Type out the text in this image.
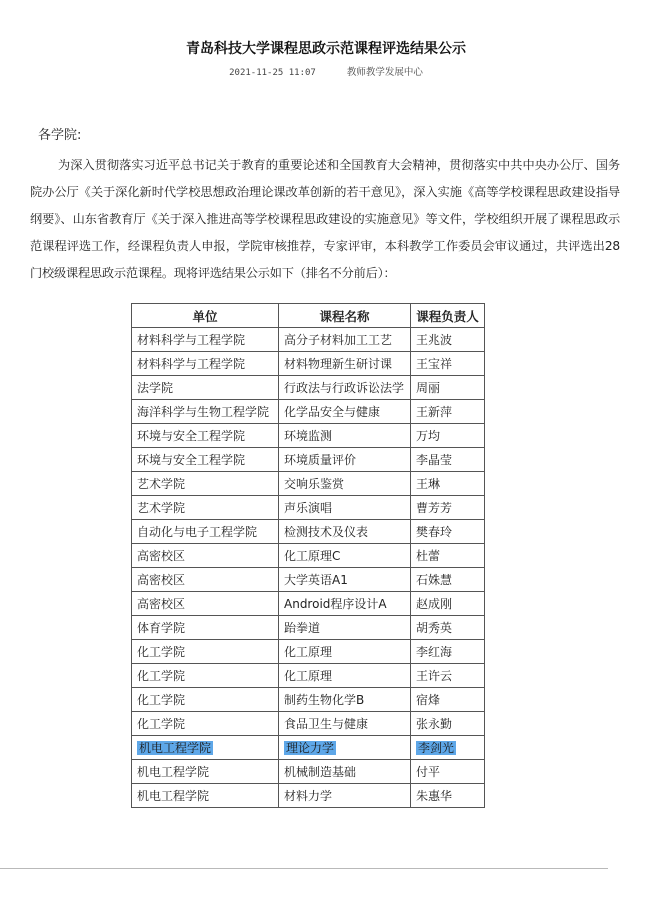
青岛科技大学课程思政示范课程评选结果公示
2021-11-25 11:07	教师教学发展中心
各学院:
为深入贯彻落实习近平总书记关于教育的重要论述和全国教育大会精神，贯彻落实中共中央办公厅、国务院办公厅《关于深化新时代学校思想政治理论课改革创新的若干意见》，深入实施《高等学校课程思政建设指导纲要》、山东省教育厅《关于深入推进高等学校课程思政建设的实施意见》等文件，学校组织开展了课程思政示范课程评选工作，经课程负责人申报，学院审核推荐，专家评审，本科教学工作委员会审议通过，共评选出28门校级课程思政示范课程。现将评选结果公示如下（排名不分前后）：
单位	课程名称	课程负责人
材料科学与工程学院	高分子材料加工工艺	王兆波
材料科学与工程学院	材料物理新生研讨课	王宝祥
法学院	行政法与行政诉讼法学	周丽
海洋科学与生物工程学院	化学品安全与健康	王新萍
环境与安全工程学院	环境监测	万均
环境与安全工程学院	环境质量评价	李晶莹
艺术学院	交响乐鉴赏	王琳
艺术学院	声乐演唱	曹芳芳
自动化与电子工程学院	检测技术及仪表	樊春玲
高密校区	化工原理C	杜蕾
高密校区	大学英语A1	石姝慧
高密校区	Android程序设计A	赵成刚
体育学院	跆拳道	胡秀英
化工学院	化工原理	李红海
化工学院	化工原理	王许云
化工学院	制药生物化学B	宿烽
化工学院	食品卫生与健康	张永勤
机电工程学院	理论力学	李剑光
机电工程学院	机械制造基础	付平
机电工程学院	材料力学	朱惠华
